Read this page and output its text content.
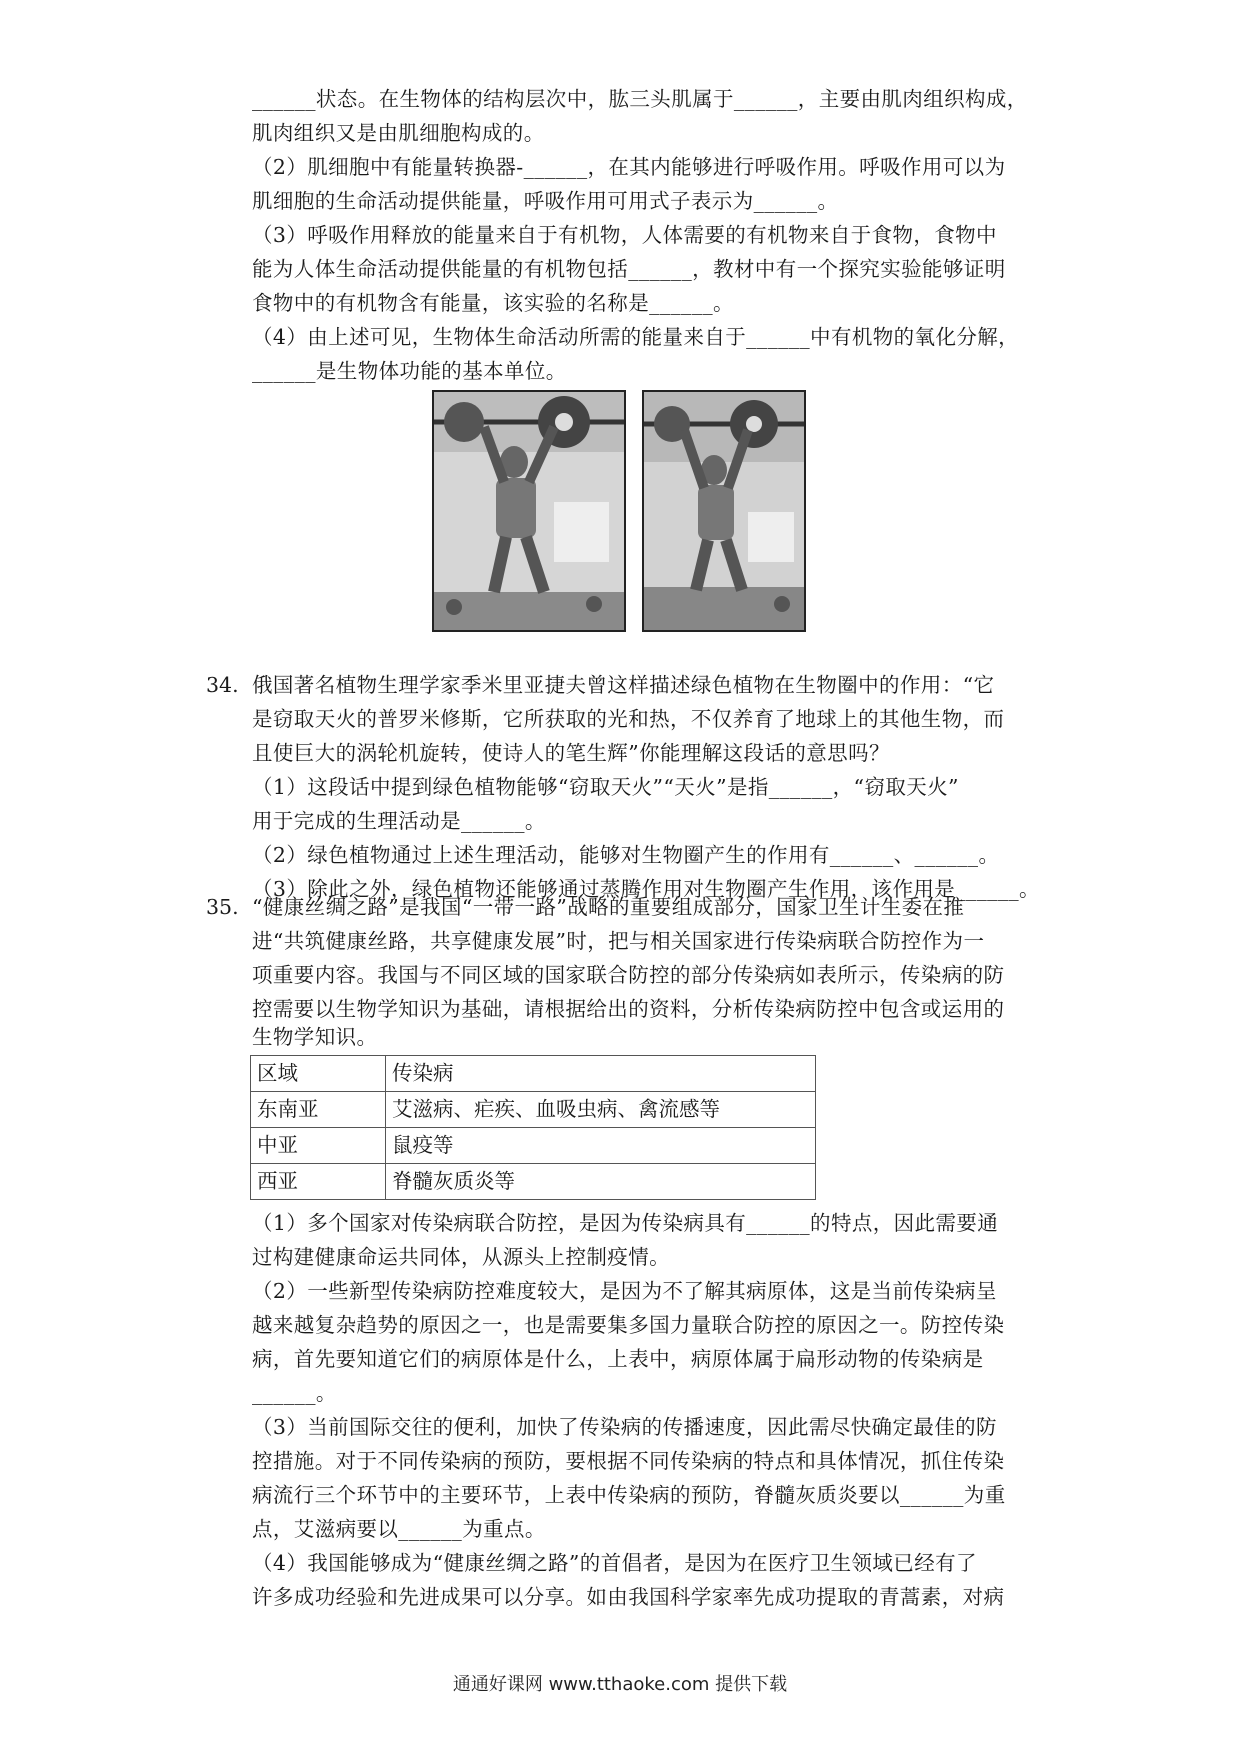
______状态。在生物体的结构层次中，肱三头肌属于______，主要由肌肉组织构成，
肌肉组织又是由肌细胞构成的。
（2）肌细胞中有能量转换器-______，在其内能够进行呼吸作用。呼吸作用可以为
肌细胞的生命活动提供能量，呼吸作用可用式子表示为______。
（3）呼吸作用释放的能量来自于有机物，人体需要的有机物来自于食物，食物中
能为人体生命活动提供能量的有机物包括______，教材中有一个探究实验能够证明
食物中的有机物含有能量，该实验的名称是______。
（4）由上述可见，生物体生命活动所需的能量来自于______中有机物的氧化分解，
______是生物体功能的基本单位。
34. 俄国著名植物生理学家季米里亚捷夫曾这样描述绿色植物在生物圈中的作用：“它
是窃取天火的普罗米修斯，它所获取的光和热，不仅养育了地球上的其他生物，而
且使巨大的涡轮机旋转，使诗人的笔生辉”你能理解这段话的意思吗？
（1）这段话中提到绿色植物能够“窃取天火”“天火”是指______，“窃取天火”
用于完成的生理活动是______。
（2）绿色植物通过上述生理活动，能够对生物圈产生的作用有______、______。
（3）除此之外，绿色植物还能够通过蒸腾作用对生物圈产生作用，该作用是______。
35. “健康丝绸之路”是我国“一带一路”战略的重要组成部分，国家卫生计生委在推
进“共筑健康丝路，共享健康发展”时，把与相关国家进行传染病联合防控作为一
项重要内容。我国与不同区域的国家联合防控的部分传染病如表所示，传染病的防
控需要以生物学知识为基础，请根据给出的资料，分析传染病防控中包含或运用的
生物学知识。
区域	传染病
东南亚	艾滋病、疟疾、血吸虫病、禽流感等
中亚	鼠疫等
西亚	脊髓灰质炎等
（1）多个国家对传染病联合防控，是因为传染病具有______的特点，因此需要通
过构建健康命运共同体，从源头上控制疫情。
（2）一些新型传染病防控难度较大，是因为不了解其病原体，这是当前传染病呈
越来越复杂趋势的原因之一，也是需要集多国力量联合防控的原因之一。防控传染
病，首先要知道它们的病原体是什么，上表中，病原体属于扁形动物的传染病是
______。
（3）当前国际交往的便利，加快了传染病的传播速度，因此需尽快确定最佳的防
控措施。对于不同传染病的预防，要根据不同传染病的特点和具体情况，抓住传染
病流行三个环节中的主要环节，上表中传染病的预防，脊髓灰质炎要以______为重
点，艾滋病要以______为重点。
（4）我国能够成为“健康丝绸之路”的首倡者，是因为在医疗卫生领域已经有了
许多成功经验和先进成果可以分享。如由我国科学家率先成功提取的青蒿素，对病
通通好课网 www.tthaoke.com 提供下载
